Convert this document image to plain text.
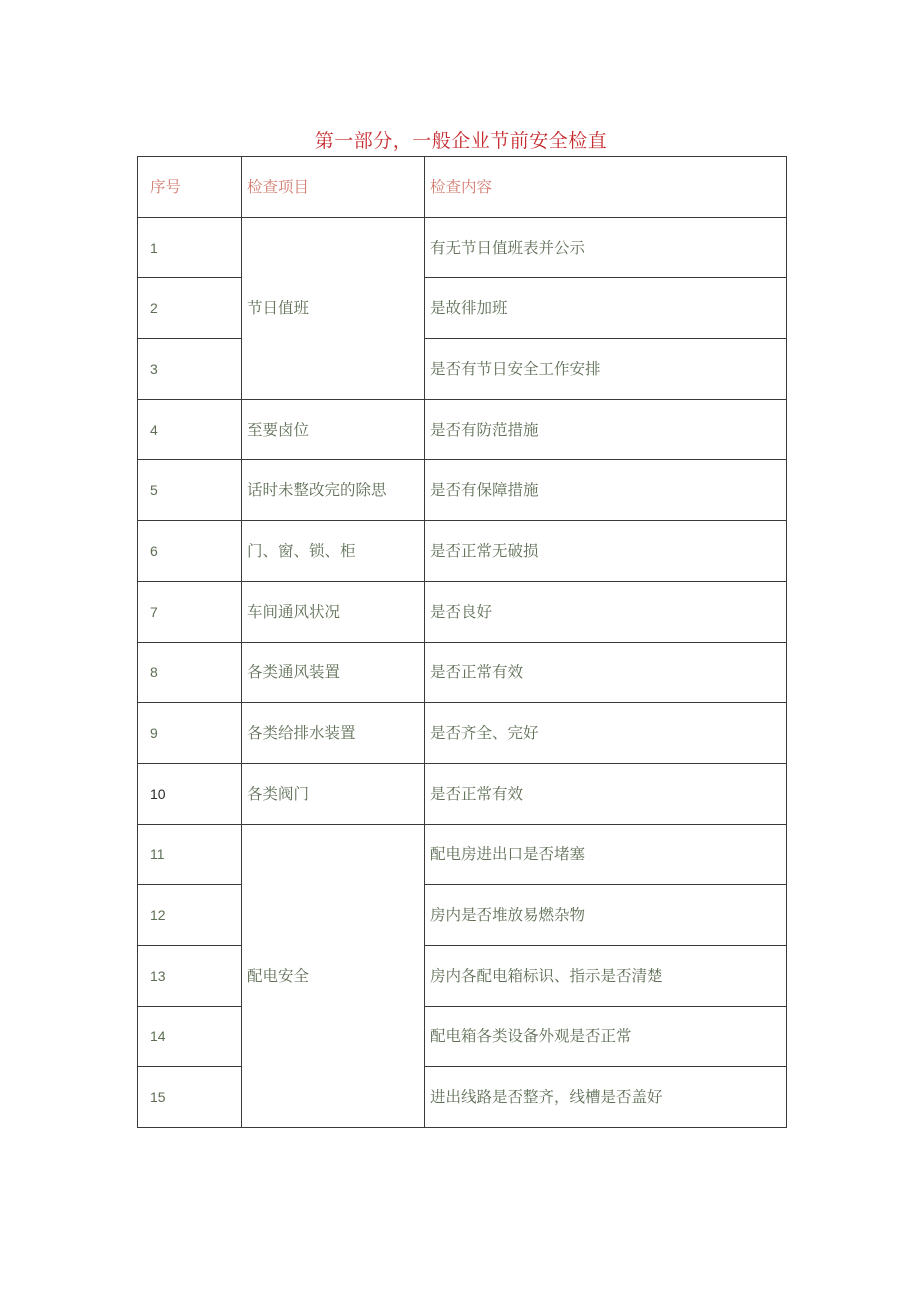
第一部分，一般企业节前安全检直
序号	检查项目	检查内容
1	节日值班	有无节日值班表并公示
2		是故徘加班
3		是否有节日安全工作安排
4	至要卤位	是否有防范措施
5	话时未整改完的除思	是否有保障措施
6	门、窗、锁、柜	是否正常无破损
7	车间通风状况	是否良好
8	各类通风装置	是否正常有效
9	各类给排水装置	是否齐全、完好
10	各类阀门	是否正常有效
11	配电安全	配电房进出口是否堵塞
12		房内是否堆放易燃杂物
13		房内各配电箱标识、指示是否清楚
14		配电箱各类设备外观是否正常
15		进出线路是否整齐，线槽是否盖好
